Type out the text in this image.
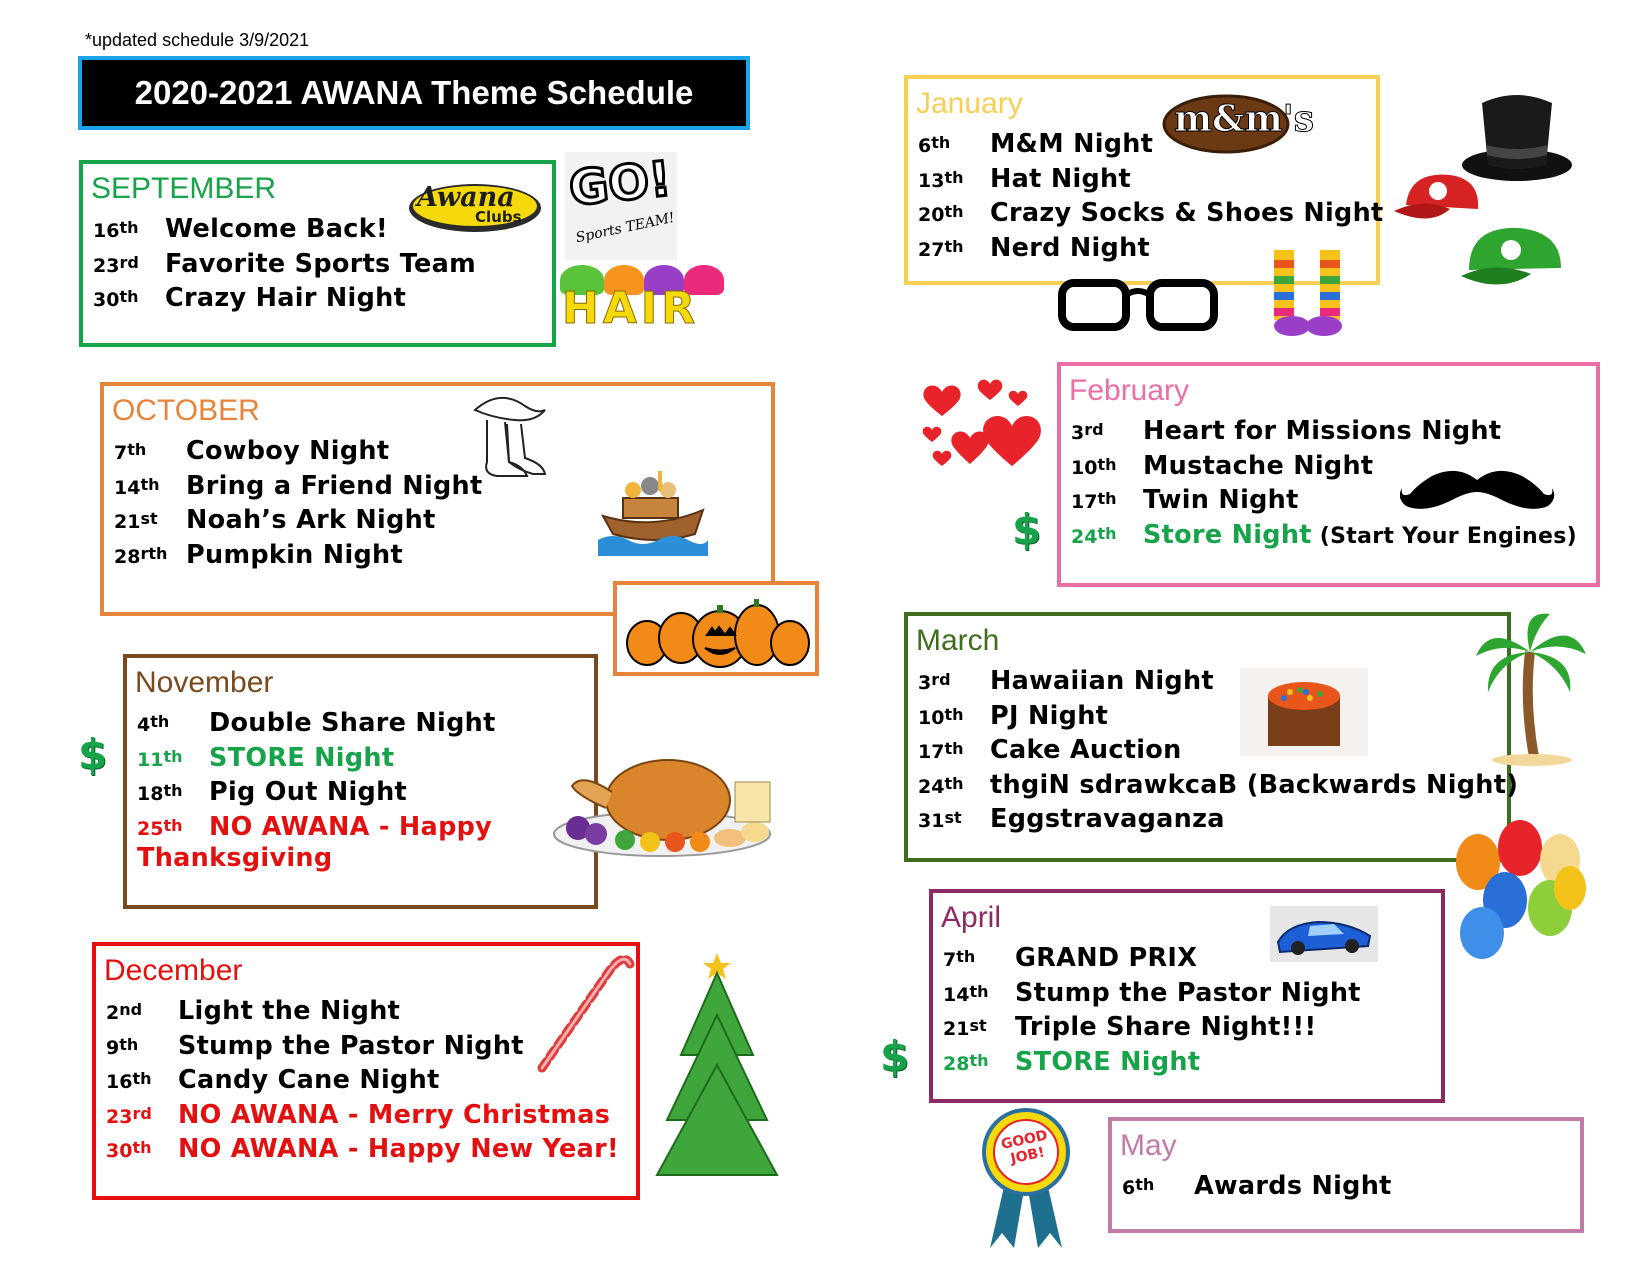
*updated schedule 3/9/2021
2020-2021 AWANA Theme Schedule
SEPTEMBER
16th Welcome Back!
23rd Favorite Sports Team
30th Crazy Hair Night
OCTOBER
7th Cowboy Night
14th Bring a Friend Night
21st Noah’s Ark Night
$28^{rth}$ Pumpkin Night
November
4th Double Share Night
11th STORE Night
18th Pig Out Night
25th NO AWANA - Happy
Thanksgiving
December
2nd Light the Night
9th Stump the Pastor Night
16th Candy Cane Night
23rd NO AWANA - Merry Christmas
30th NO AWANA - Happy New Year!
January
6th M&M Night
13th Hat Night
20th Crazy Socks & Shoes Night
27th Nerd Night
February
3rd Heart for Missions Night
10th Mustache Night
17th Twin Night
24th Store Night (Start Your Engines)
March
3rd Hawaiian Night
10th PJ Night
17th Cake Auction
24th thgiN sdrawkcaB (Backwards Night)
31st Eggstravaganza
April
7th GRAND PRIX
14th Stump the Pastor Night
21st Triple Share Night!!!
28th STORE Night
May
6th Awards Night
$
$
$
Awana
Clubs GO!
Sports TEAM!
HAIR
m&m's
GOOD JOB!
